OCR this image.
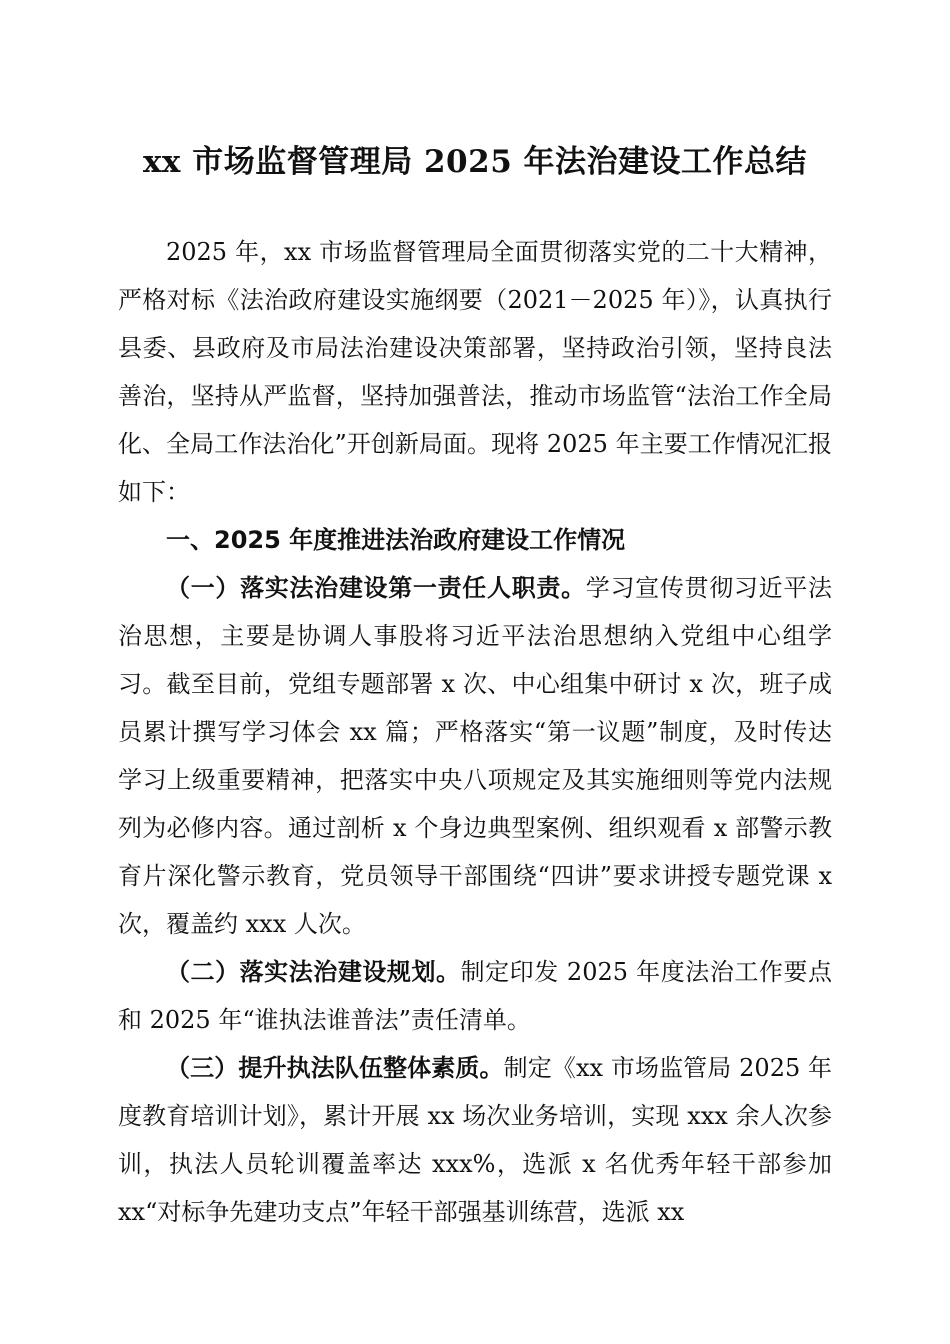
xx 市场监督管理局 2025 年法治建设工作总结

2025 年，xx 市场监督管理局全面贯彻落实党的二十大精神，严格对标《法治政府建设实施纲要（2021－2025 年）》，认真执行县委、县政府及市局法治建设决策部署，坚持政治引领，坚持良法善治，坚持从严监督，坚持加强普法，推动市场监管“法治工作全局化、全局工作法治化”开创新局面。现将 2025 年主要工作情况汇报如下：

一、2025 年度推进法治政府建设工作情况

（一）落实法治建设第一责任人职责。学习宣传贯彻习近平法治思想，主要是协调人事股将习近平法治思想纳入党组中心组学习。截至目前，党组专题部署 x 次、中心组集中研讨 x 次，班子成员累计撰写学习体会 xx 篇；严格落实“第一议题”制度，及时传达学习上级重要精神，把落实中央八项规定及其实施细则等党内法规列为必修内容。通过剖析 x 个身边典型案例、组织观看 x 部警示教育片深化警示教育，党员领导干部围绕“四讲”要求讲授专题党课 x 次，覆盖约 xxx 人次。

（二）落实法治建设规划。制定印发 2025 年度法治工作要点和 2025 年“谁执法谁普法”责任清单。

（三）提升执法队伍整体素质。制定《xx 市场监管局 2025 年度教育培训计划》，累计开展 xx 场次业务培训，实现 xxx 余人次参训，执法人员轮训覆盖率达 xxx%，选派 x 名优秀年轻干部参加 xx“对标争先建功支点”年轻干部强基训练营，选派 xx
